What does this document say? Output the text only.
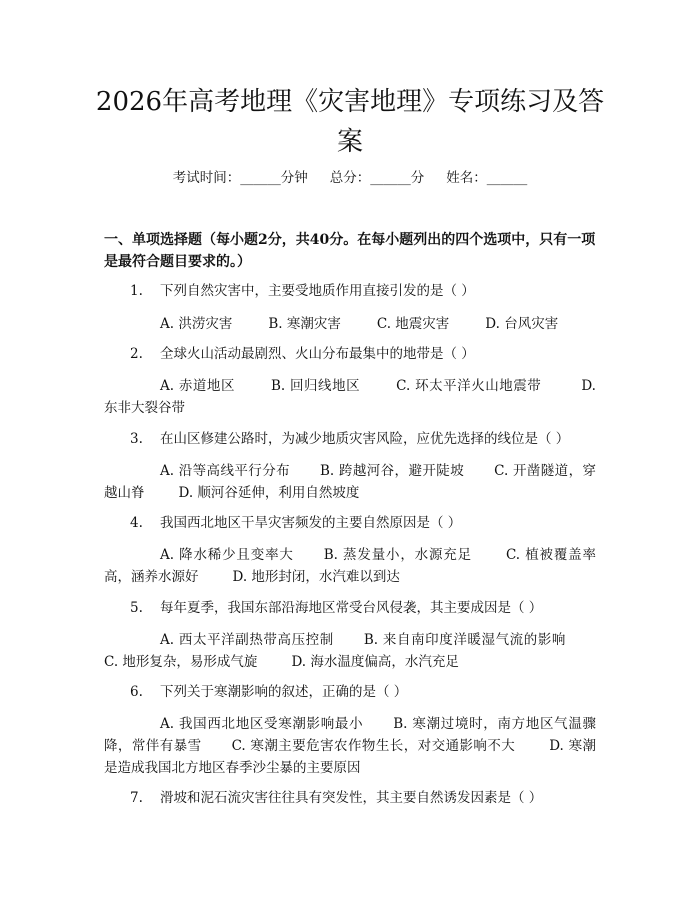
2026年高考地理《灾害地理》专项练习及答案
考试时间：______分钟 总分：______分 姓名：______
一、单项选择题（每小题2分，共40分。在每小题列出的四个选项中，只有一项是最符合题目要求的。）
1. 下列自然灾害中，主要受地质作用直接引发的是（ ）
A. 洪涝灾害	B. 寒潮灾害	C. 地震灾害	D. 台风灾害
2. 全球火山活动最剧烈、火山分布最集中的地带是（ ）
A. 赤道地区	B. 回归线地区	C. 环太平洋火山地震带	D. 东非大裂谷带
3. 在山区修建公路时，为减少地质灾害风险，应优先选择的线位是（ ）
A. 沿等高线平行分布 B. 跨越河谷，避开陡坡 C. 开凿隧道，穿越山脊	D. 顺河谷延伸，利用自然坡度
4. 我国西北地区干旱灾害频发的主要自然原因是（ ）
A. 降水稀少且变率大 B. 蒸发量小，水源充足	C. 植被覆盖率高，涵养水源好	D. 地形封闭，水汽难以到达
5. 每年夏季，我国东部沿海地区常受台风侵袭，其主要成因是（ ）
A. 西太平洋副热带高压控制 B. 来自南印度洋暖湿气流的影响C. 地形复杂，易形成气旋	D. 海水温度偏高，水汽充足
6. 下列关于寒潮影响的叙述，正确的是（ ）
A. 我国西北地区受寒潮影响最小 B. 寒潮过境时，南方地区气温骤降，常伴有暴雪 C. 寒潮主要危害农作物生长，对交通影响不大	D. 寒潮是造成我国北方地区春季沙尘暴的主要原因
7. 滑坡和泥石流灾害往往具有突发性，其主要自然诱发因素是（ ）
